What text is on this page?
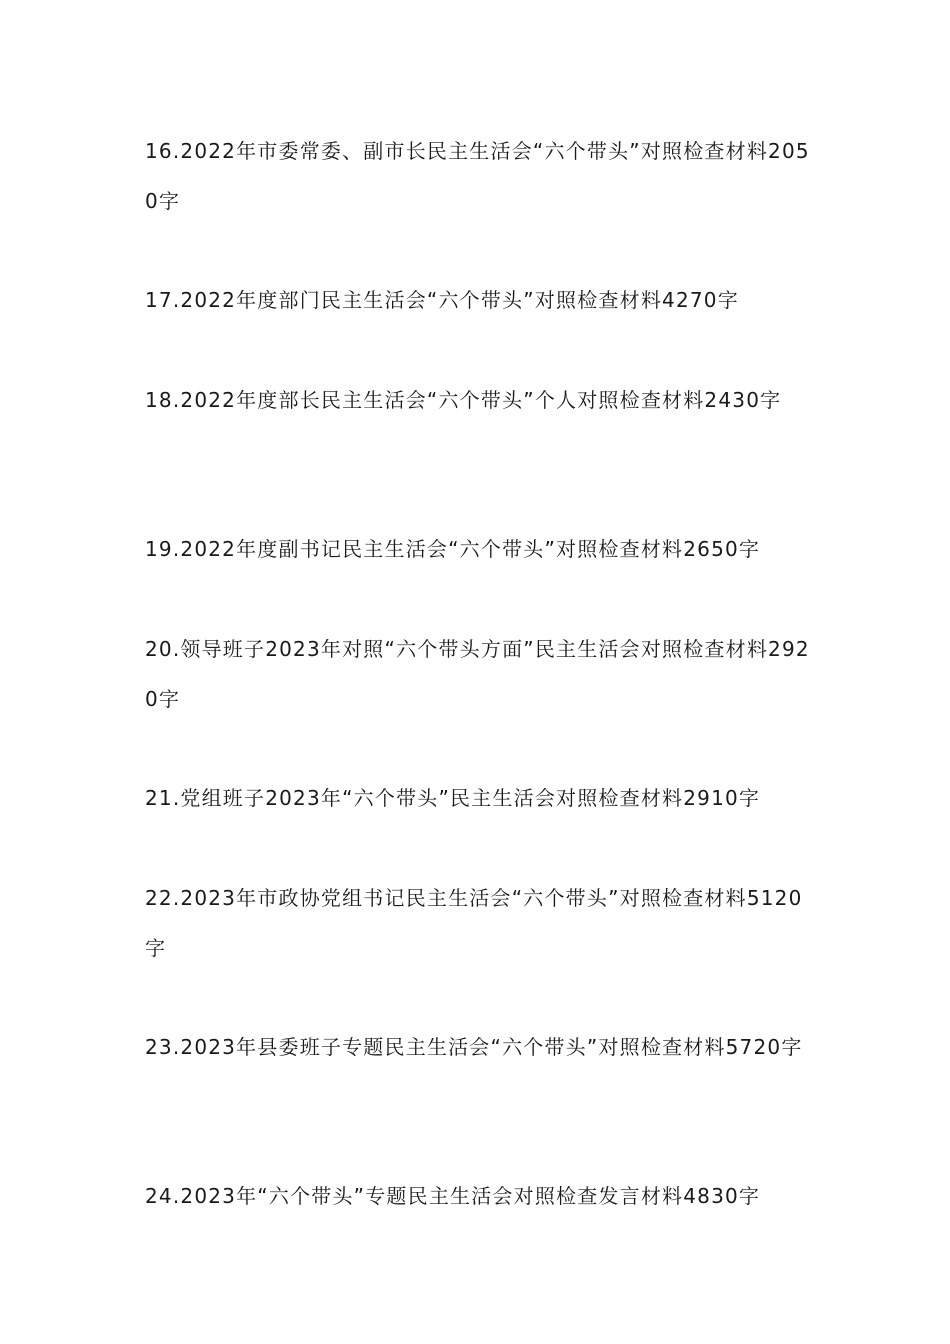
16.2022年市委常委、副市长民主生活会“六个带头”对照检查材料2050字

17.2022年度部门民主生活会“六个带头”对照检查材料4270字

18.2022年度部长民主生活会“六个带头”个人对照检查材料2430字

19.2022年度副书记民主生活会“六个带头”对照检查材料2650字

20.领导班子2023年对照“六个带头方面”民主生活会对照检查材料2920字

21.党组班子2023年“六个带头”民主生活会对照检查材料2910字

22.2023年市政协党组书记民主生活会“六个带头”对照检查材料5120字

23.2023年县委班子专题民主生活会“六个带头”对照检查材料5720字

24.2023年“六个带头”专题民主生活会对照检查发言材料4830字
